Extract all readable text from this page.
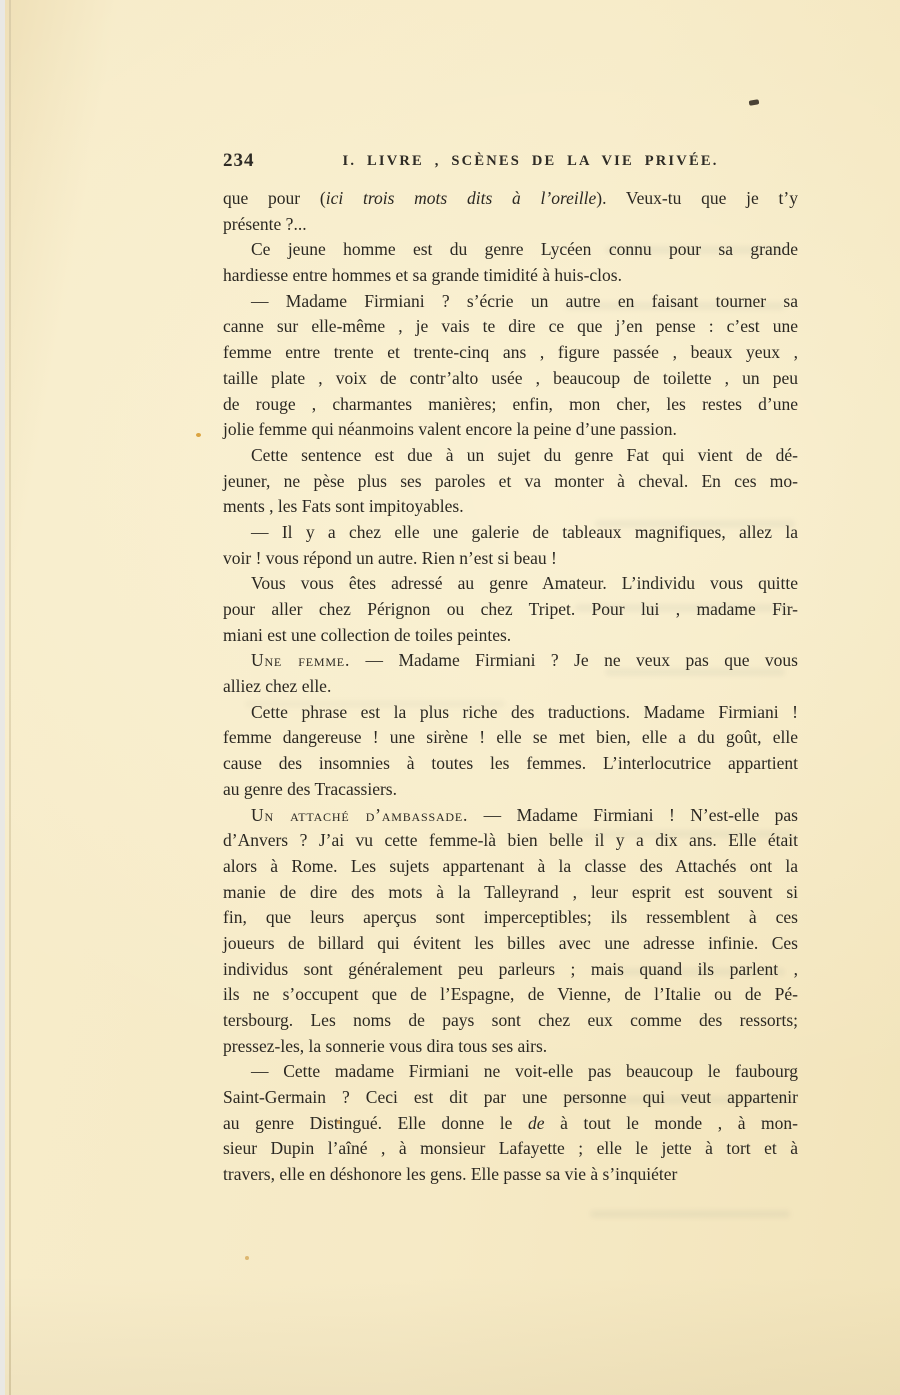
234	I. LIVRE , SCÈNES DE LA VIE PRIVÉE.
que pour (ici trois mots dits à l’oreille). Veux-tu que je t’y
présente ?...
Ce jeune homme est du genre Lycéen connu pour sa grande
hardiesse entre hommes et sa grande timidité à huis-clos.
— Madame Firmiani ? s’écrie un autre en faisant tourner sa
canne sur elle-même , je vais te dire ce que j’en pense : c’est une
femme entre trente et trente-cinq ans , figure passée , beaux yeux ,
taille plate , voix de contr’alto usée , beaucoup de toilette , un peu
de rouge , charmantes manières; enfin, mon cher, les restes d’une
jolie femme qui néanmoins valent encore la peine d’une passion.
Cette sentence est due à un sujet du genre Fat qui vient de dé-
jeuner, ne pèse plus ses paroles et va monter à cheval. En ces mo-
ments , les Fats sont impitoyables.
— Il y a chez elle une galerie de tableaux magnifiques, allez la
voir ! vous répond un autre. Rien n’est si beau !
Vous vous êtes adressé au genre Amateur. L’individu vous quitte
pour aller chez Pérignon ou chez Tripet. Pour lui , madame Fir-
miani est une collection de toiles peintes.
Une femme. — Madame Firmiani ? Je ne veux pas que vous
alliez chez elle.
Cette phrase est la plus riche des traductions. Madame Firmiani !
femme dangereuse ! une sirène ! elle se met bien, elle a du goût, elle
cause des insomnies à toutes les femmes. L’interlocutrice appartient
au genre des Tracassiers.
Un attaché d’ambassade. — Madame Firmiani ! N’est-elle pas
d’Anvers ? J’ai vu cette femme-là bien belle il y a dix ans. Elle était
alors à Rome. Les sujets appartenant à la classe des Attachés ont la
manie de dire des mots à la Talleyrand , leur esprit est souvent si
fin, que leurs aperçus sont imperceptibles; ils ressemblent à ces
joueurs de billard qui évitent les billes avec une adresse infinie. Ces
individus sont généralement peu parleurs ; mais quand ils parlent ,
ils ne s’occupent que de l’Espagne, de Vienne, de l’Italie ou de Pé-
tersbourg. Les noms de pays sont chez eux comme des ressorts;
pressez-les, la sonnerie vous dira tous ses airs.
— Cette madame Firmiani ne voit-elle pas beaucoup le faubourg
Saint-Germain ? Ceci est dit par une personne qui veut appartenir
au genre Distingué. Elle donne le de à tout le monde , à mon-
sieur Dupin l’aîné , à monsieur Lafayette ; elle le jette à tort et à
travers, elle en déshonore les gens. Elle passe sa vie à s’inquiéter
